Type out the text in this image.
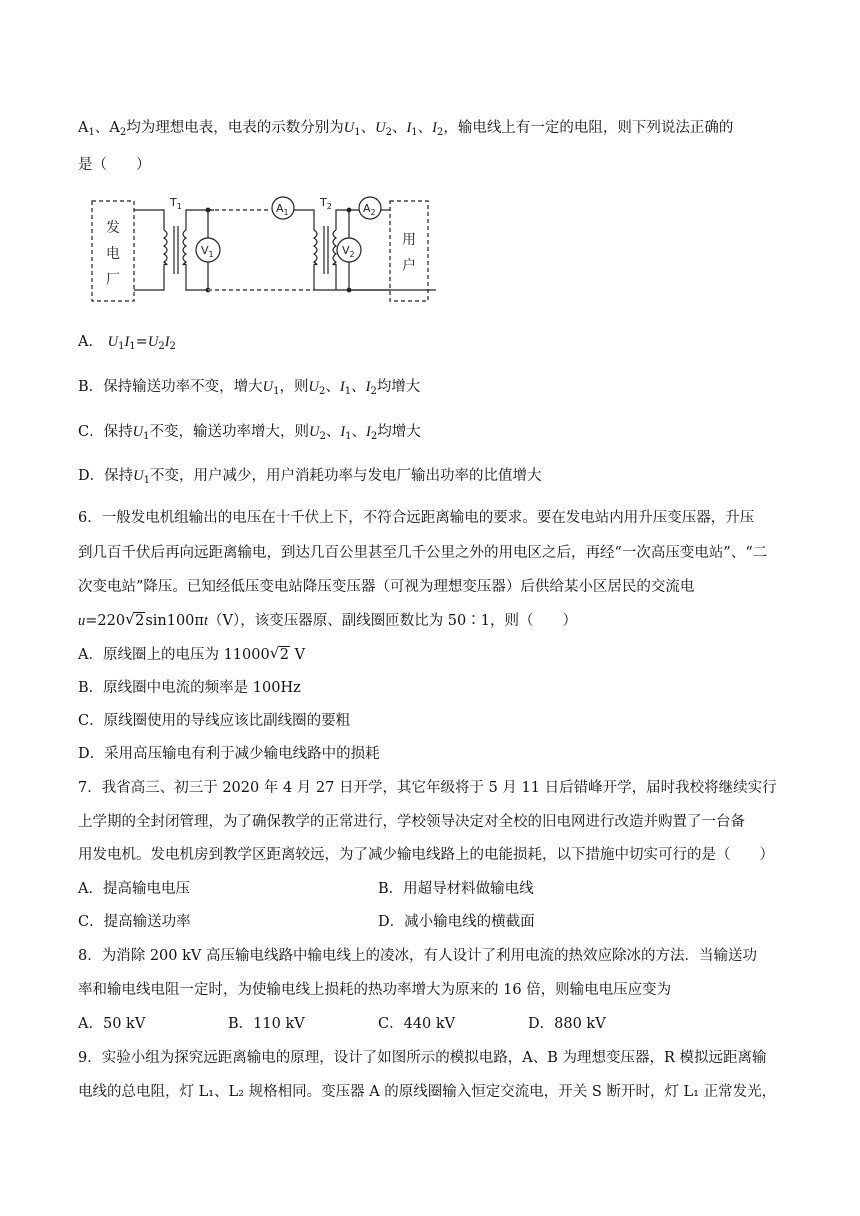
$A_1$、$A_2$均为理想电表，电表的示数分别为$U_1$、$U_2$、$I_1$、$I_2$，输电线上有一定的电阻，则下列说法正确的
是（　　）
发
电
厂
$T_1$
$V_1$
$A_1$
$T_2$
$V_2$
$A_2$
用
户
A． $U_1I_1=U_2I_2$
B．保持输送功率不变，增大$U_1$，则$U_2$、$I_1$、$I_2$均增大
C．保持$U_1$不变，输送功率增大，则$U_2$、$I_1$、$I_2$均增大
D．保持$U_1$不变，用户减少，用户消耗功率与发电厂输出功率的比值增大
6．一般发电机组输出的电压在十千伏上下，不符合远距离输电的要求。要在发电站内用升压变压器，升压
到几百千伏后再向远距离输电，到达几百公里甚至几千公里之外的用电区之后，再经“一次高压变电站”、“二
次变电站”降压。已知经低压变电站降压变压器（可视为理想变压器）后供给某小区居民的交流电
u=220 √ 2sin100πt（V），该变压器原、副线圈匝数比为 50∶1，则（　　）
A．原线圈上的电压为 11000 √ 2 V
B．原线圈中电流的频率是 100Hz
C．原线圈使用的导线应该比副线圈的要粗
D．采用高压输电有利于减少输电线路中的损耗
7．我省高三、初三于 2020 年 4 月 27 日开学，其它年级将于 5 月 11 日后错峰开学，届时我校将继续实行
上学期的全封闭管理，为了确保教学的正常进行，学校领导决定对全校的旧电网进行改造并购置了一台备
用发电机。发电机房到教学区距离较远，为了减少输电线路上的电能损耗，以下措施中切实可行的是（　　）
A．提高输电电压	B．用超导材料做输电线
C．提高输送功率	D．减小输电线的横截面
8．为消除 200 kV 高压输电线路中输电线上的凌冰，有人设计了利用电流的热效应除冰的方法．当输送功
率和输电线电阻一定时，为使输电线上损耗的热功率增大为原来的 16 倍，则输电电压应变为
A．50 kV	B．110 kV	C．440 kV	D．880 kV
9．实验小组为探究远距离输电的原理，设计了如图所示的模拟电路，A、B 为理想变压器，R 模拟远距离输
电线的总电阻，灯 L₁、L₂ 规格相同。变压器 A 的原线圈输入恒定交流电，开关 S 断开时，灯 L₁ 正常发光，
